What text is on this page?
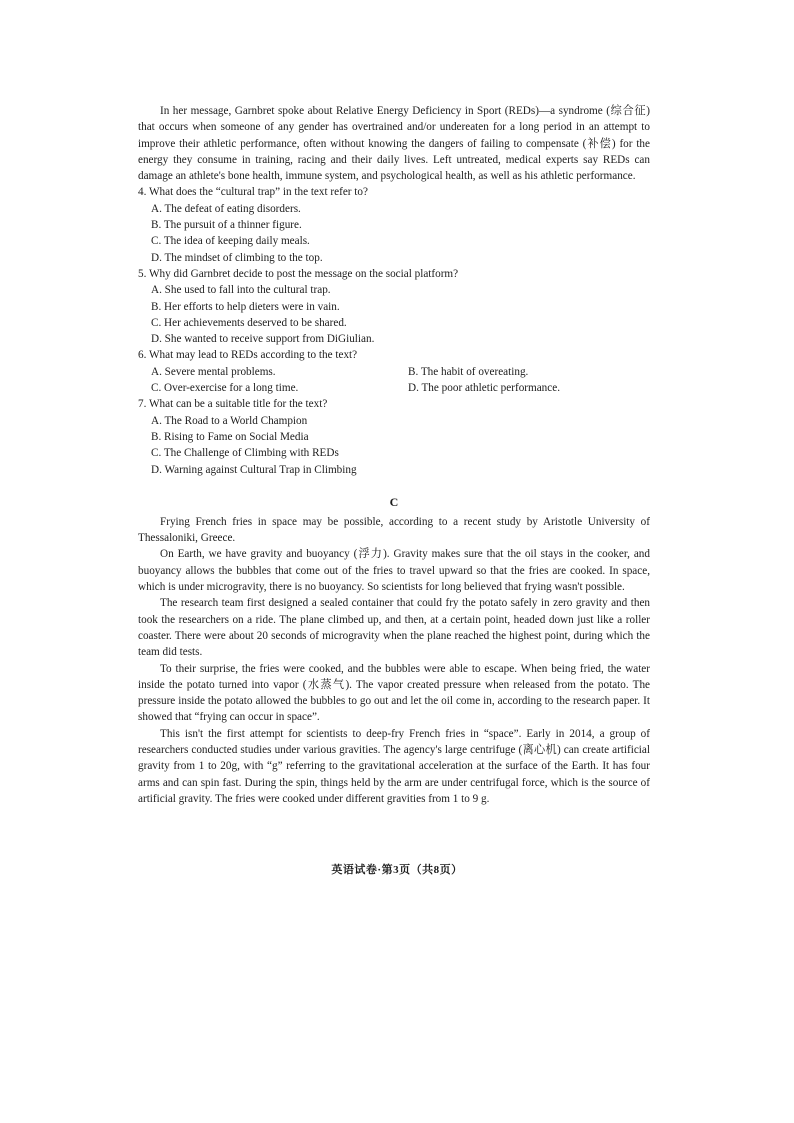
In her message, Garnbret spoke about Relative Energy Deficiency in Sport (REDs)—a syndrome (综合征) that occurs when someone of any gender has overtrained and/or undereaten for a long period in an attempt to improve their athletic performance, often without knowing the dangers of failing to compensate (补偿) for the energy they consume in training, racing and their daily lives. Left untreated, medical experts say REDs can damage an athlete's bone health, immune system, and psychological health, as well as his athletic performance.

4. What does the “cultural trap” in the text refer to?

A. The defeat of eating disorders.

B. The pursuit of a thinner figure.

C. The idea of keeping daily meals.

D. The mindset of climbing to the top.

5. Why did Garnbret decide to post the message on the social platform?

A. She used to fall into the cultural trap.

B. Her efforts to help dieters were in vain.

C. Her achievements deserved to be shared.

D. She wanted to receive support from DiGiulian.

6. What may lead to REDs according to the text?

A. Severe mental problems.	B. The habit of overeating.

C. Over-exercise for a long time.	D. The poor athletic performance.

7. What can be a suitable title for the text?

A. The Road to a World Champion

B. Rising to Fame on Social Media

C. The Challenge of Climbing with REDs

D. Warning against Cultural Trap in Climbing

C

Frying French fries in space may be possible, according to a recent study by Aristotle University of Thessaloniki, Greece.

On Earth, we have gravity and buoyancy (浮力). Gravity makes sure that the oil stays in the cooker, and buoyancy allows the bubbles that come out of the fries to travel upward so that the fries are cooked. In space, which is under microgravity, there is no buoyancy. So scientists for long believed that frying wasn't possible.

The research team first designed a sealed container that could fry the potato safely in zero gravity and then took the researchers on a ride. The plane climbed up, and then, at a certain point, headed down just like a roller coaster. There were about 20 seconds of microgravity when the plane reached the highest point, during which the team did tests.

To their surprise, the fries were cooked, and the bubbles were able to escape. When being fried, the water inside the potato turned into vapor (水蒸气). The vapor created pressure when released from the potato. The pressure inside the potato allowed the bubbles to go out and let the oil come in, according to the research paper. It showed that “frying can occur in space”.

This isn't the first attempt for scientists to deep-fry French fries in “space”. Early in 2014, a group of researchers conducted studies under various gravities. The agency's large centrifuge (离心机) can create artificial gravity from 1 to 20g, with “g” referring to the gravitational acceleration at the surface of the Earth. It has four arms and can spin fast. During the spin, things held by the arm are under centrifugal force, which is the source of artificial gravity. The fries were cooked under different gravities from 1 to 9 g.

英语试卷·第3页（共8页）
